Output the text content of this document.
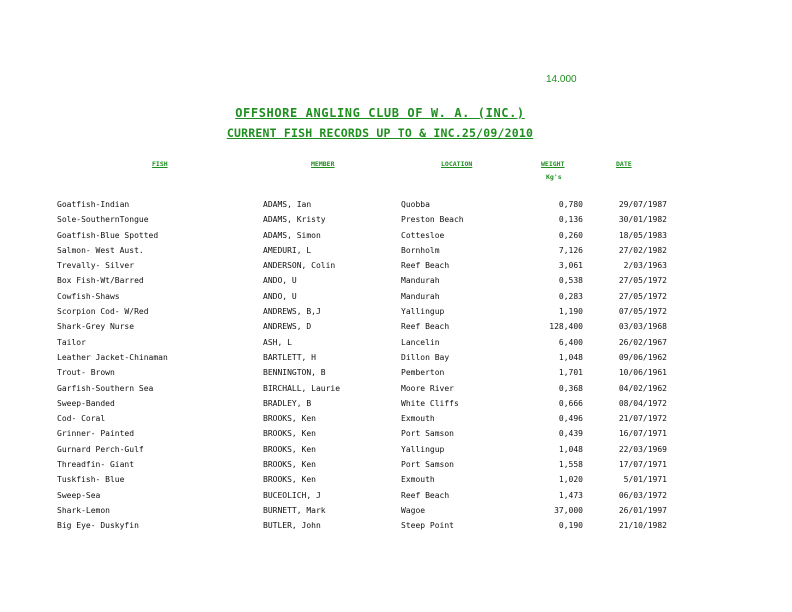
14.000
OFFSHORE ANGLING CLUB OF W. A. (INC.)
CURRENT FISH RECORDS UP TO & INC.25/09/2010
FISH	MEMBER	LOCATION	WEIGHT	DATE
Kg's
Goatfish-Indian	ADAMS, Ian	Quobba	0,780	29/07/1987
Sole-SouthernTongue	ADAMS, Kristy	Preston Beach	0,136	30/01/1982
Goatfish-Blue Spotted	ADAMS, Simon	Cottesloe	0,260	18/05/1983
Salmon- West Aust.	AMEDURI, L	Bornholm	7,126	27/02/1982
Trevally- Silver	ANDERSON, Colin	Reef Beach	3,061	2/03/1963
Box Fish-Wt/Barred	ANDO, U	Mandurah	0,538	27/05/1972
Cowfish-Shaws	ANDO, U	Mandurah	0,283	27/05/1972
Scorpion Cod- W/Red	ANDREWS, B,J	Yallingup	1,190	07/05/1972
Shark-Grey Nurse	ANDREWS, D	Reef Beach	128,400	03/03/1968
Tailor	ASH, L	Lancelin	6,400	26/02/1967
Leather Jacket-Chinaman	BARTLETT, H	Dillon Bay	1,048	09/06/1962
Trout- Brown	BENNINGTON, B	Pemberton	1,701	10/06/1961
Garfish-Southern Sea	BIRCHALL, Laurie	Moore River	0,368	04/02/1962
Sweep-Banded	BRADLEY, B	White Cliffs	0,666	08/04/1972
Cod- Coral	BROOKS, Ken	Exmouth	0,496	21/07/1972
Grinner- Painted	BROOKS, Ken	Port Samson	0,439	16/07/1971
Gurnard Perch-Gulf	BROOKS, Ken	Yallingup	1,048	22/03/1969
Threadfin- Giant	BROOKS, Ken	Port Samson	1,558	17/07/1971
Tuskfish- Blue	BROOKS, Ken	Exmouth	1,020	5/01/1971
Sweep-Sea	BUCEOLICH, J	Reef Beach	1,473	06/03/1972
Shark-Lemon	BURNETT, Mark	Wagoe	37,000	26/01/1997
Big Eye- Duskyfin	BUTLER, John	Steep Point	0,190	21/10/1982
